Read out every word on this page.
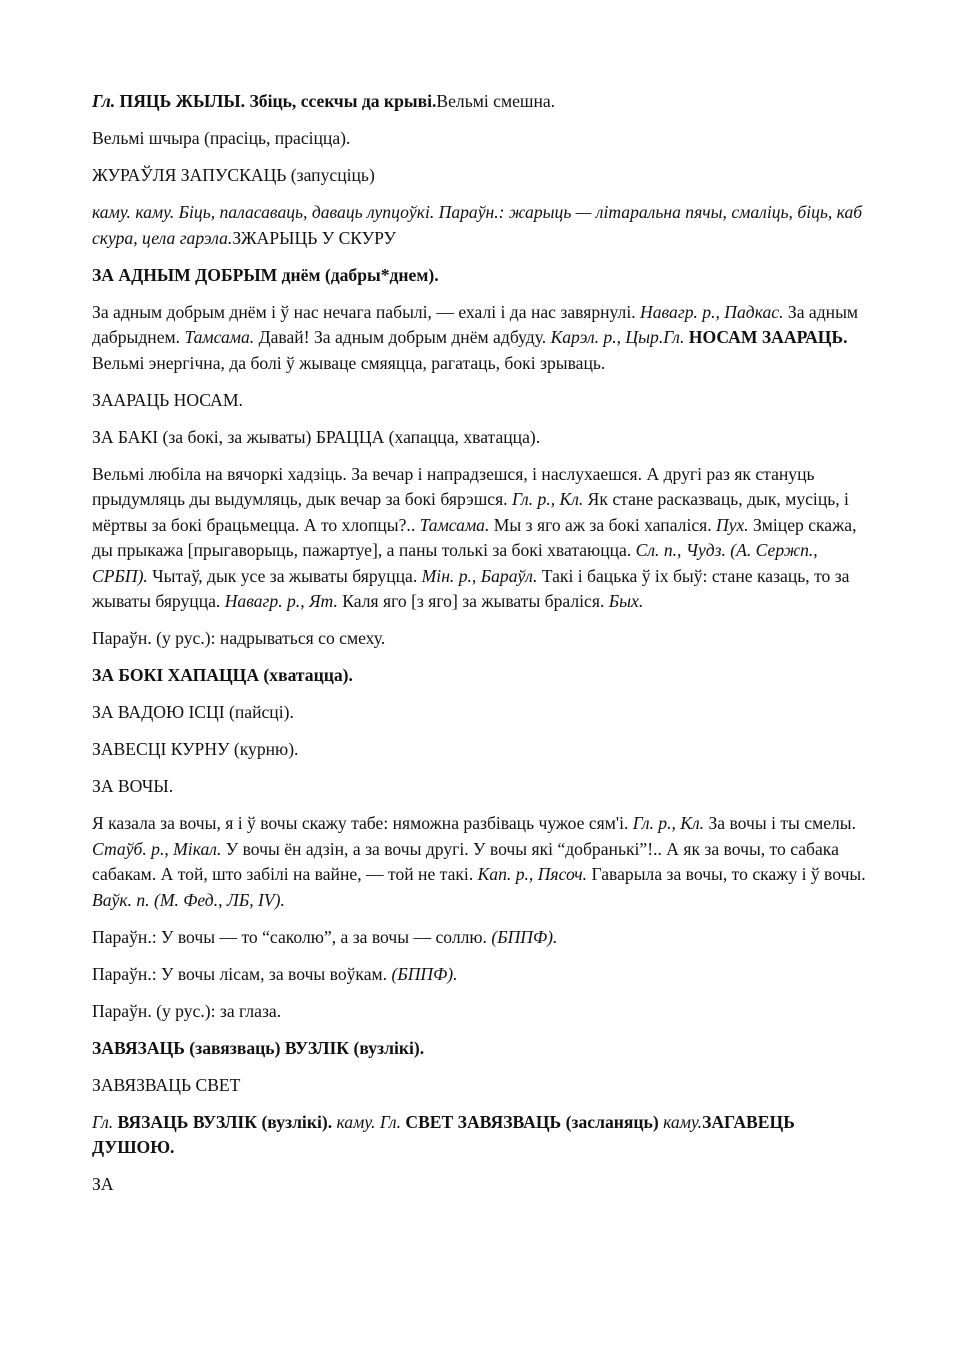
Гл. ПЯЦЬ ЖЫЛЫ. Збіць, ссекчы да крыві.Вельмі смешна.

Вельмі шчыра (прасіць, прасіцца).

ЖУРАЎЛЯ ЗАПУСКАЦЬ (запусціць)

каму. каму. Біць, паласаваць, даваць лупцоўкі. Параўн.: жарыць — літаральна пячы, смаліць, біць, каб скура, цела гарэла.ЗЖАРЫЦЬ У СКУРУ

ЗА АДНЫМ ДОБРЫМ днём (дабры*днем).

За адным добрым днём і ў нас нечага пабылі, — ехалі і да нас завярнулі. Навагр. р., Падкас. За адным дабрыднем. Тамсама. Давай! За адным добрым днём адбуду. Карэл. р., Цыр.Гл. НОСАМ ЗААРАЦЬ. Вельмі энергічна, да болі ў жываце смяяцца, рагатаць, бокі зрываць.

ЗААРАЦЬ НОСАМ.

ЗА БАКІ (за бокі, за жываты) БРАЦЦА (хапацца, хватацца).

Вельмі любіла на вячоркі хадзіць. За вечар і напрадзешся, і наслухаешся. А другі раз як стануць прыдумляць ды выдумляць, дык вечар за бокі бярэшся. Гл. р., Кл. Як стане расказваць, дык, мусіць, і мёртвы за бокі брацьмецца. А то хлопцы?.. Тамсама. Мы з яго аж за бокі хапаліся. Пух. Зміцер скажа, ды прыкажа [прыгаворыць, пажартуе], а паны толькі за бокі хватаюцца. Сл. п., Чудз. (А. Сержп., СРБП). Чытаў, дык усе за жываты бяруцца. Мін. р., Бараўл. Такі і бацька ў іх быў: стане казаць, то за жываты бяруцца. Навагр. р., Ят. Каля яго [з яго] за жываты браліся. Бых.

Параўн. (у рус.): надрываться со смеху.

ЗА БОКІ ХАПАЦЦА (хватацца).

ЗА ВАДОЮ ІСЦІ (пайсці).

ЗАВЕСЦІ КУРНУ (курню).

ЗА ВОЧЫ.

Я казала за вочы, я і ў вочы скажу табе: няможна разбіваць чужое сям'і. Гл. р., Кл. За вочы і ты смелы. Стаўб. р., Мікал. У вочы ён адзін, а за вочы другі. У вочы які “добранькі”!.. А як за вочы, то сабака сабакам. А той, што забілі на вайне, — той не такі. Кап. р., Пясоч. Гаварыла за вочы, то скажу і ў вочы. Ваўк. п. (М. Фед., ЛБ, IV).

Параўн.: У вочы — то “саколю”, а за вочы — соллю. (БППФ).

Параўн.: У вочы лісам, за вочы воўкам. (БППФ).

Параўн. (у рус.): за глаза.

ЗАВЯЗАЦЬ (завязваць) ВУЗЛІК (вузлікі).

ЗАВЯЗВАЦЬ СВЕТ

Гл. ВЯЗАЦЬ ВУЗЛІК (вузлікі). каму. Гл. СВЕТ ЗАВЯЗВАЦЬ (засланяць) каму.ЗАГАВЕЦЬ ДУШОЮ.

ЗА
